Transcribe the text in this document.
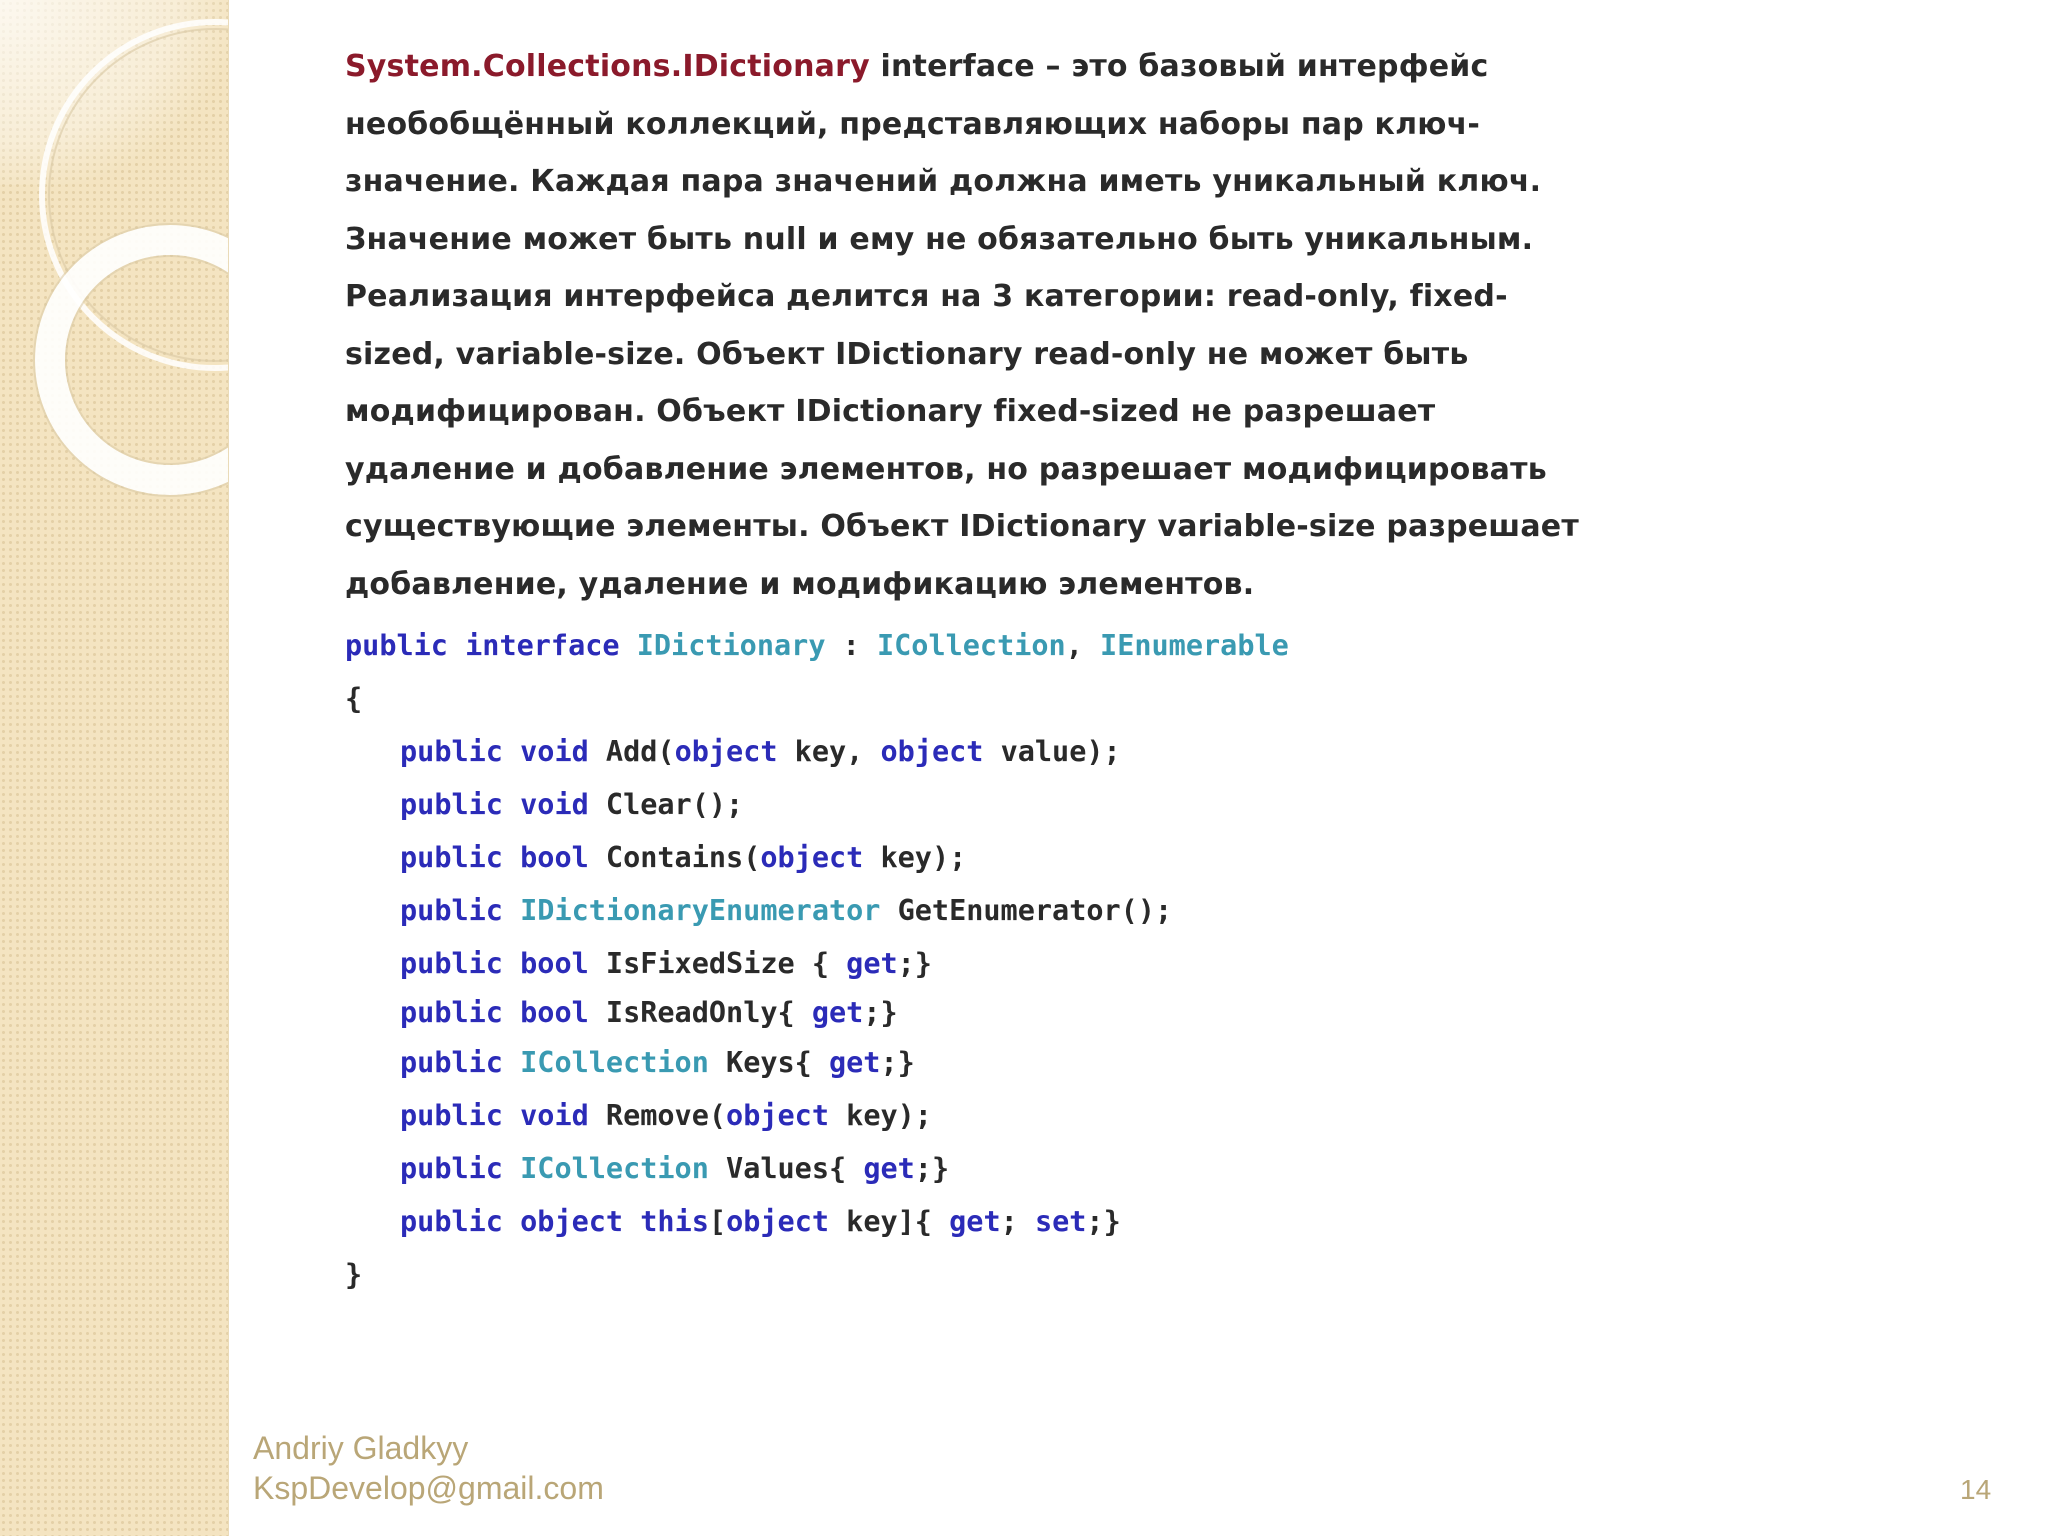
System.Collections.IDictionary interface – это базовый интерфейс
необобщённый коллекций, представляющих наборы пар ключ-
значение. Каждая пара значений должна иметь уникальный ключ.
Значение может быть null и ему не обязательно быть уникальным.
Реализация интерфейса делится на 3 категории: read-only, fixed-
sized, variable-size. Объект IDictionary read-only не может быть
модифицирован. Объект IDictionary fixed-sized не разрешает
удаление и добавление элементов, но разрешает модифицировать
существующие элементы. Объект IDictionary variable-size разрешает
добавление, удаление и модификацию элементов.

public interface IDictionary : ICollection, IEnumerable
{
public void Add(object key, object value);
public void Clear();
public bool Contains(object key);
public IDictionaryEnumerator GetEnumerator();
public bool IsFixedSize { get;}
public bool IsReadOnly{ get;}
public ICollection Keys{ get;}
public void Remove(object key);
public ICollection Values{ get;}
public object this[object key]{ get; set;}
}
Andriy Gladkyy
KspDevelop@gmail.com	14
